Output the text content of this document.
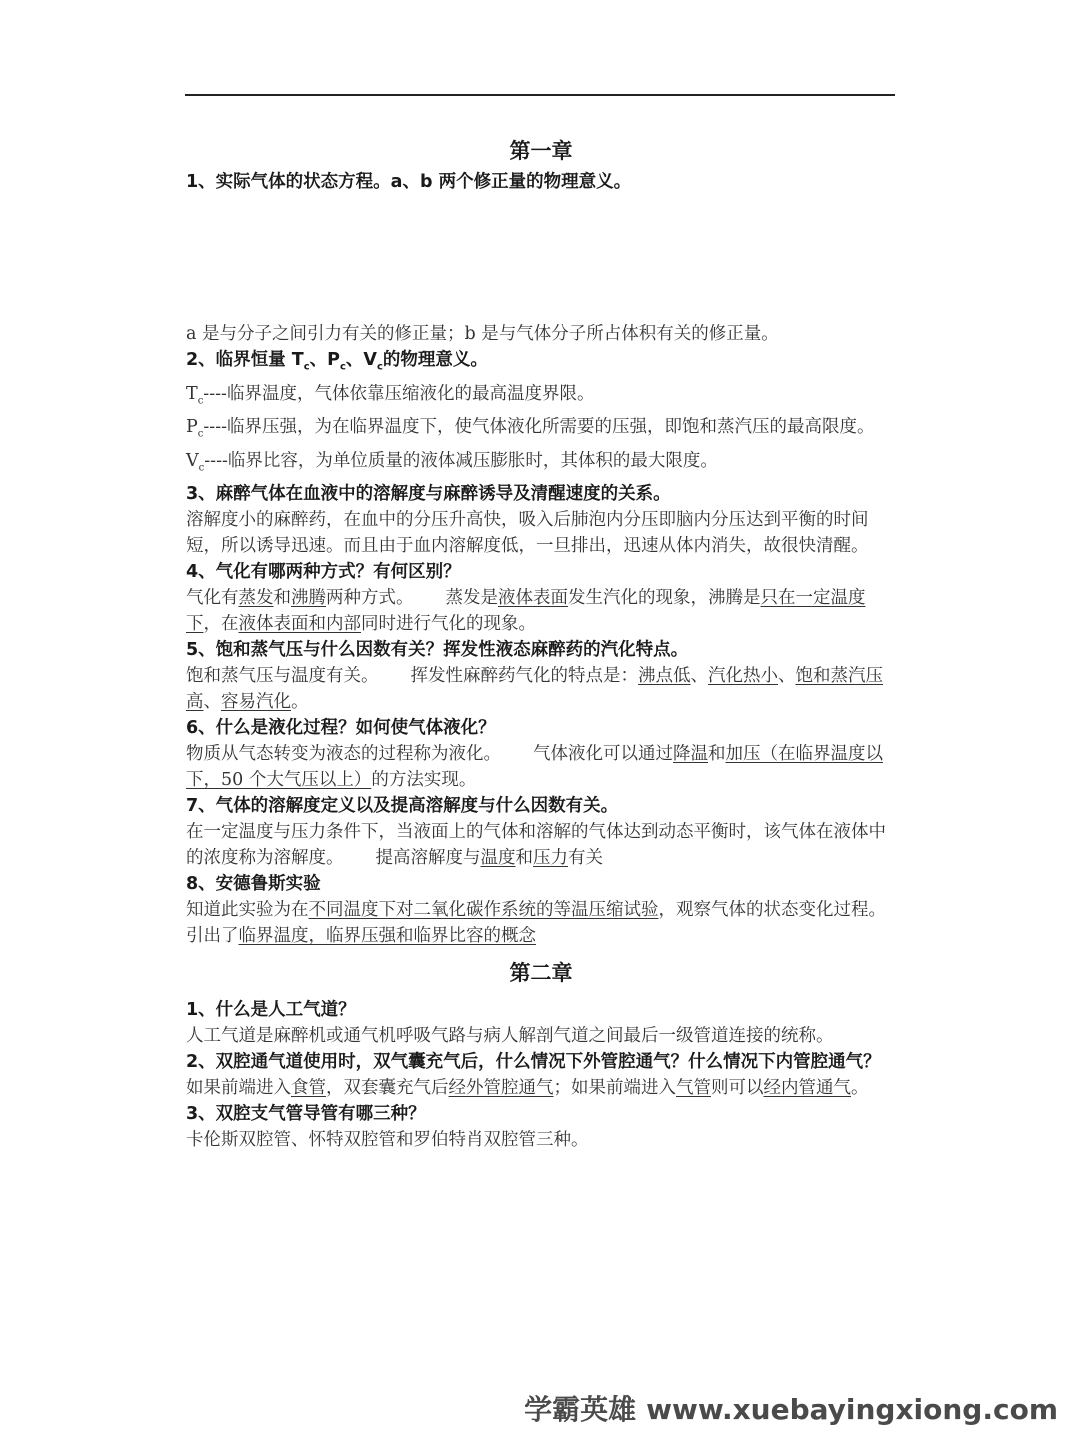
第一章

1、实际气体的状态方程。a、b 两个修正量的物理意义。

a 是与分子之间引力有关的修正量；b 是与气体分子所占体积有关的修正量。

2、临界恒量 $T_c$、$P_c$、$V_c$的物理意义。

$T_c----$临界温度，气体依靠压缩液化的最高温度界限。

$P_c----$临界压强，为在临界温度下，使气体液化所需要的压强，即饱和蒸汽压的最高限度。

$V_c----$临界比容，为单位质量的液体减压膨胀时，其体积的最大限度。

3、麻醉气体在血液中的溶解度与麻醉诱导及清醒速度的关系。

溶解度小的麻醉药，在血中的分压升高快，吸入后肺泡内分压即脑内分压达到平衡的时间短，所以诱导迅速。而且由于血内溶解度低，一旦排出，迅速从体内消失，故很快清醒。

4、气化有哪两种方式？有何区别？

气化有蒸发和沸腾两种方式。 蒸发是液体表面发生汽化的现象，沸腾是只在一定温度下，在液体表面和内部同时进行气化的现象。

5、饱和蒸气压与什么因数有关？挥发性液态麻醉药的汽化特点。

饱和蒸气压与温度有关。 挥发性麻醉药气化的特点是：沸点低、汽化热小、饱和蒸汽压高、容易汽化。

6、什么是液化过程？如何使气体液化？

物质从气态转变为液态的过程称为液化。 气体液化可以通过降温和加压（在临界温度以下，50 个大气压以上）的方法实现。

7、气体的溶解度定义以及提高溶解度与什么因数有关。

在一定温度与压力条件下，当液面上的气体和溶解的气体达到动态平衡时，该气体在液体中的浓度称为溶解度。 提高溶解度与温度和压力有关

8、安德鲁斯实验

知道此实验为在不同温度下对二氧化碳作系统的等温压缩试验，观察气体的状态变化过程。引出了临界温度，临界压强和临界比容的概念

第二章

1、什么是人工气道？

人工气道是麻醉机或通气机呼吸气路与病人解剖气道之间最后一级管道连接的统称。

2、双腔通气道使用时，双气囊充气后，什么情况下外管腔通气？什么情况下内管腔通气？

如果前端进入食管，双套囊充气后经外管腔通气；如果前端进入气管则可以经内管通气。

3、双腔支气管导管有哪三种？

卡伦斯双腔管、怀特双腔管和罗伯特肖双腔管三种。

学霸英雄 www.xuebayingxiong.com
